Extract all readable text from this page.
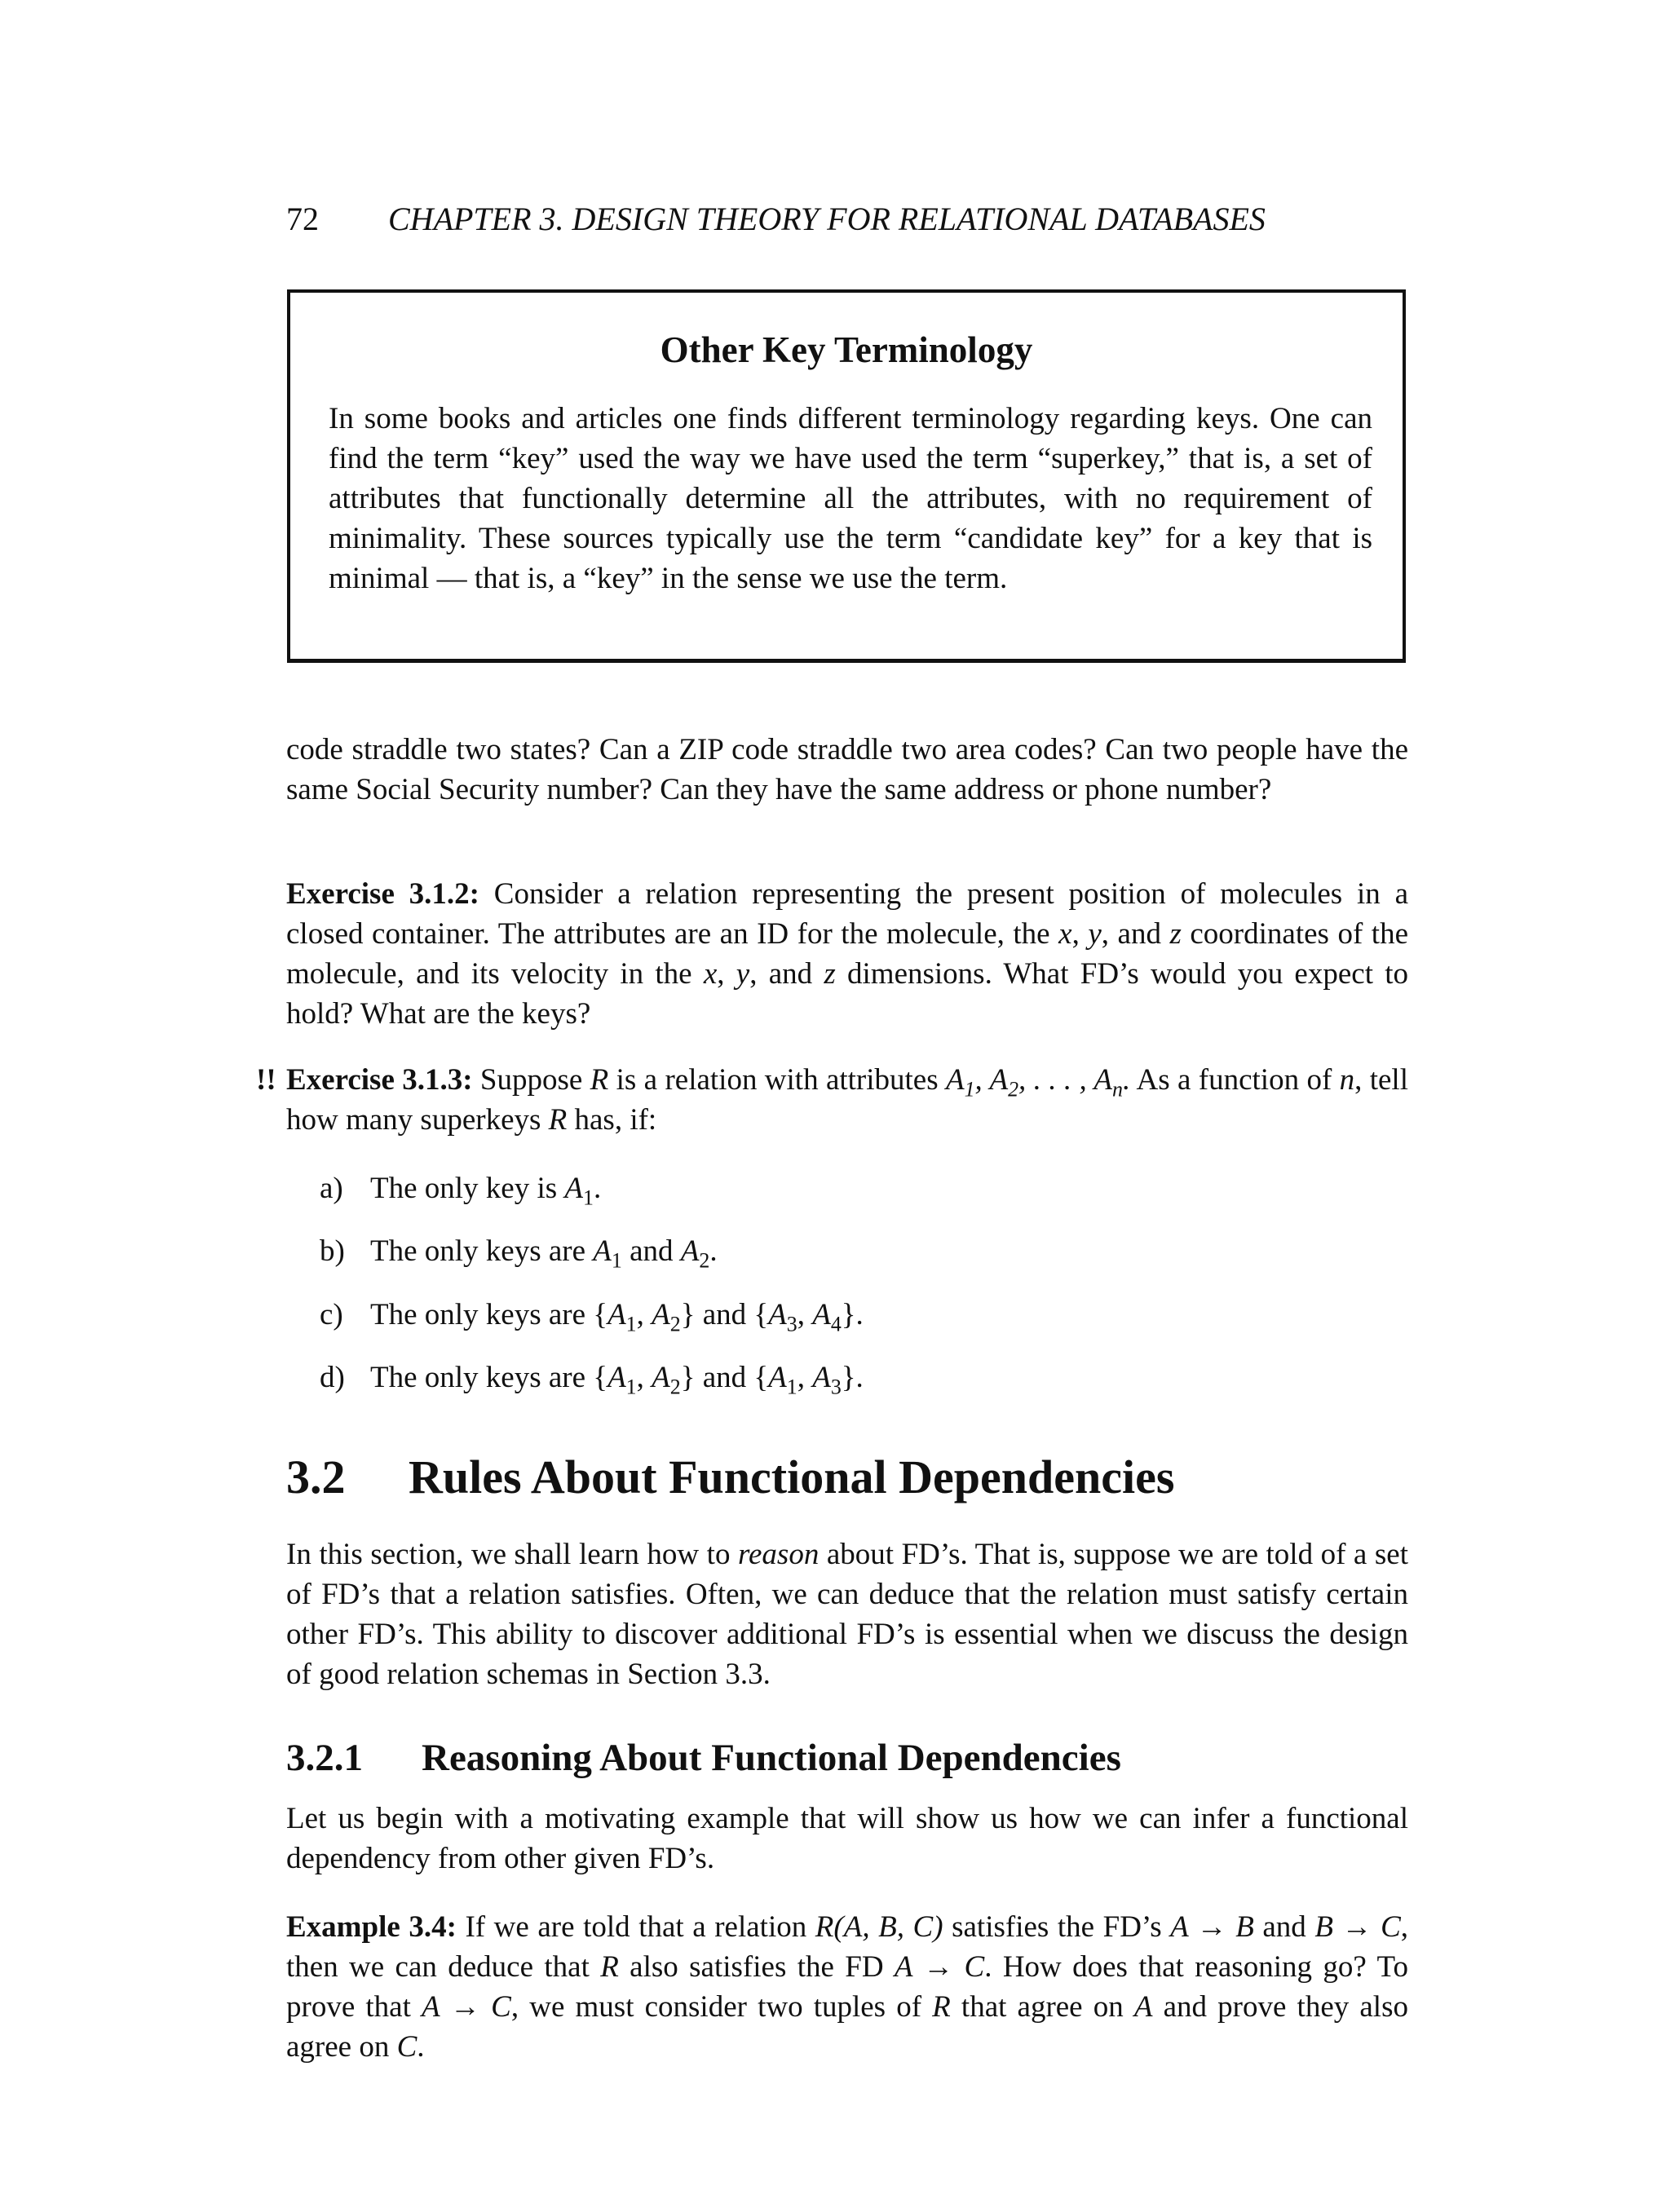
72 CHAPTER 3. DESIGN THEORY FOR RELATIONAL DATABASES
Other Key Terminology
In some books and articles one finds different terminology regarding keys. One can find the term “key” used the way we have used the term “superkey,” that is, a set of attributes that functionally determine all the attributes, with no requirement of minimality. These sources typically use the term “candidate key” for a key that is minimal — that is, a “key” in the sense we use the term.

code straddle two states? Can a ZIP code straddle two area codes? Can two people have the same Social Security number? Can they have the same address or phone number?

Exercise 3.1.2: Consider a relation representing the present position of molecules in a closed container. The attributes are an ID for the molecule, the x, y, and z coordinates of the molecule, and its velocity in the x, y, and z dimensions. What FD’s would you expect to hold? What are the keys?

!! Exercise 3.1.3: Suppose R is a relation with attributes $A_1$, $A_2$, . . . , $A_n$. As a function of n, tell how many superkeys R has, if:

a) The only key is $A_1$.
b) The only keys are $A_1$ and $A_2$.
c) The only keys are {$A_1$, $A_2$} and {$A_3$, $A_4$}.
d) The only keys are {$A_1$, $A_2$} and {$A_1$, $A_3$}.
3.2 Rules About Functional Dependencies

In this section, we shall learn how to reason about FD’s. That is, suppose we are told of a set of FD’s that a relation satisfies. Often, we can deduce that the relation must satisfy certain other FD’s. This ability to discover additional FD’s is essential when we discuss the design of good relation schemas in Section 3.3.

3.2.1 Reasoning About Functional Dependencies

Let us begin with a motivating example that will show us how we can infer a functional dependency from other given FD’s.

Example 3.4: If we are told that a relation R(A, B, C) satisfies the FD’s A → B and B → C, then we can deduce that R also satisfies the FD A → C. How does that reasoning go? To prove that A → C, we must consider two tuples of R that agree on A and prove they also agree on C.
